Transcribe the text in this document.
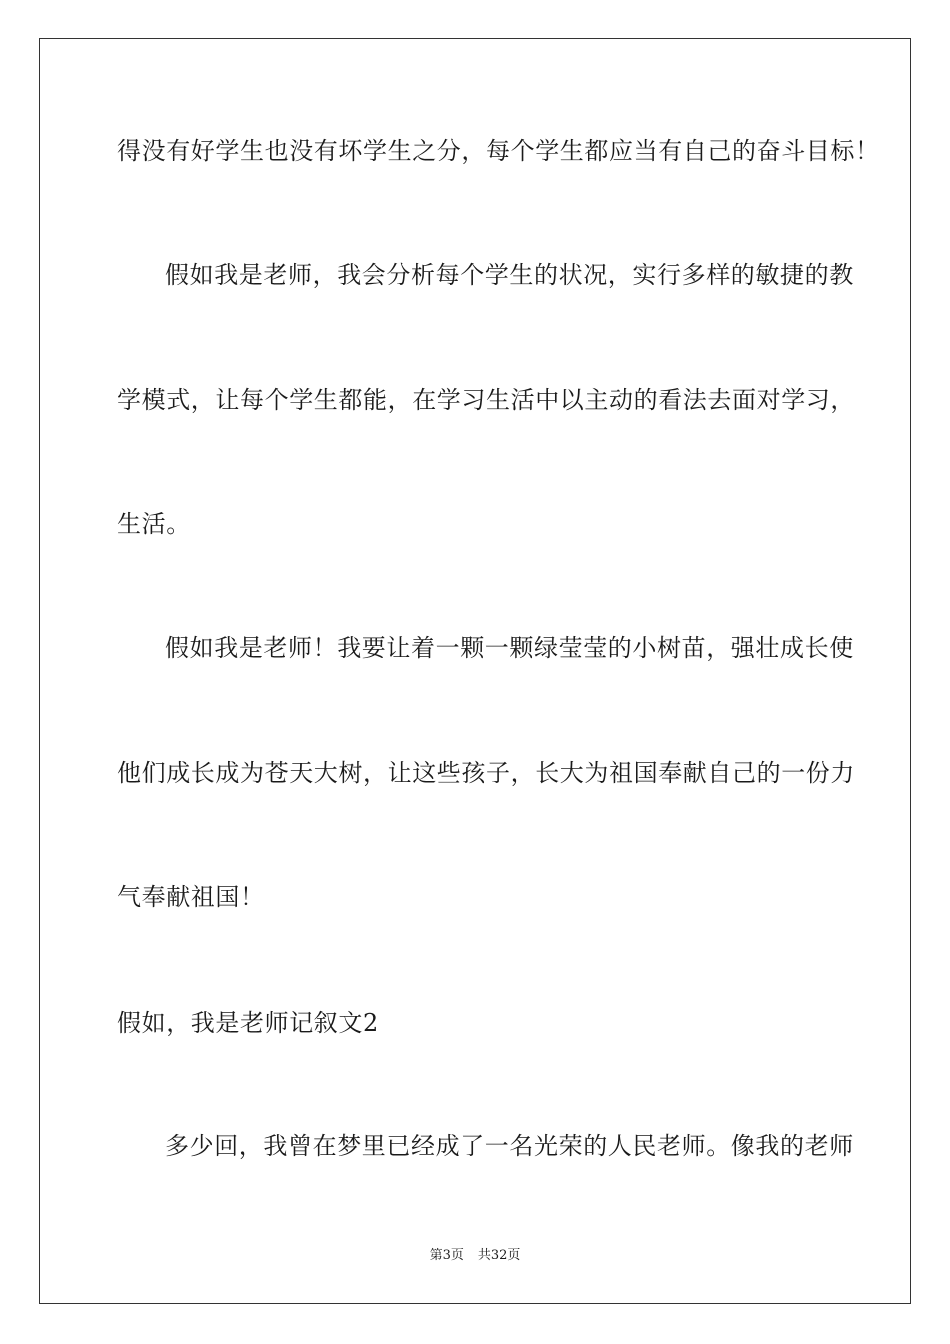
得没有好学生也没有坏学生之分，每个学生都应当有自己的奋斗目标！
假如我是老师，我会分析每个学生的状况，实行多样的敏捷的教
学模式，让每个学生都能，在学习生活中以主动的看法去面对学习，
生活。
假如我是老师！我要让着一颗一颗绿莹莹的小树苗，强壮成长使
他们成长成为苍天大树，让这些孩子，长大为祖国奉献自己的一份力
气奉献祖国！
假如，我是老师记叙文2
多少回，我曾在梦里已经成了一名光荣的人民老师。像我的老师
第3页 共32页
